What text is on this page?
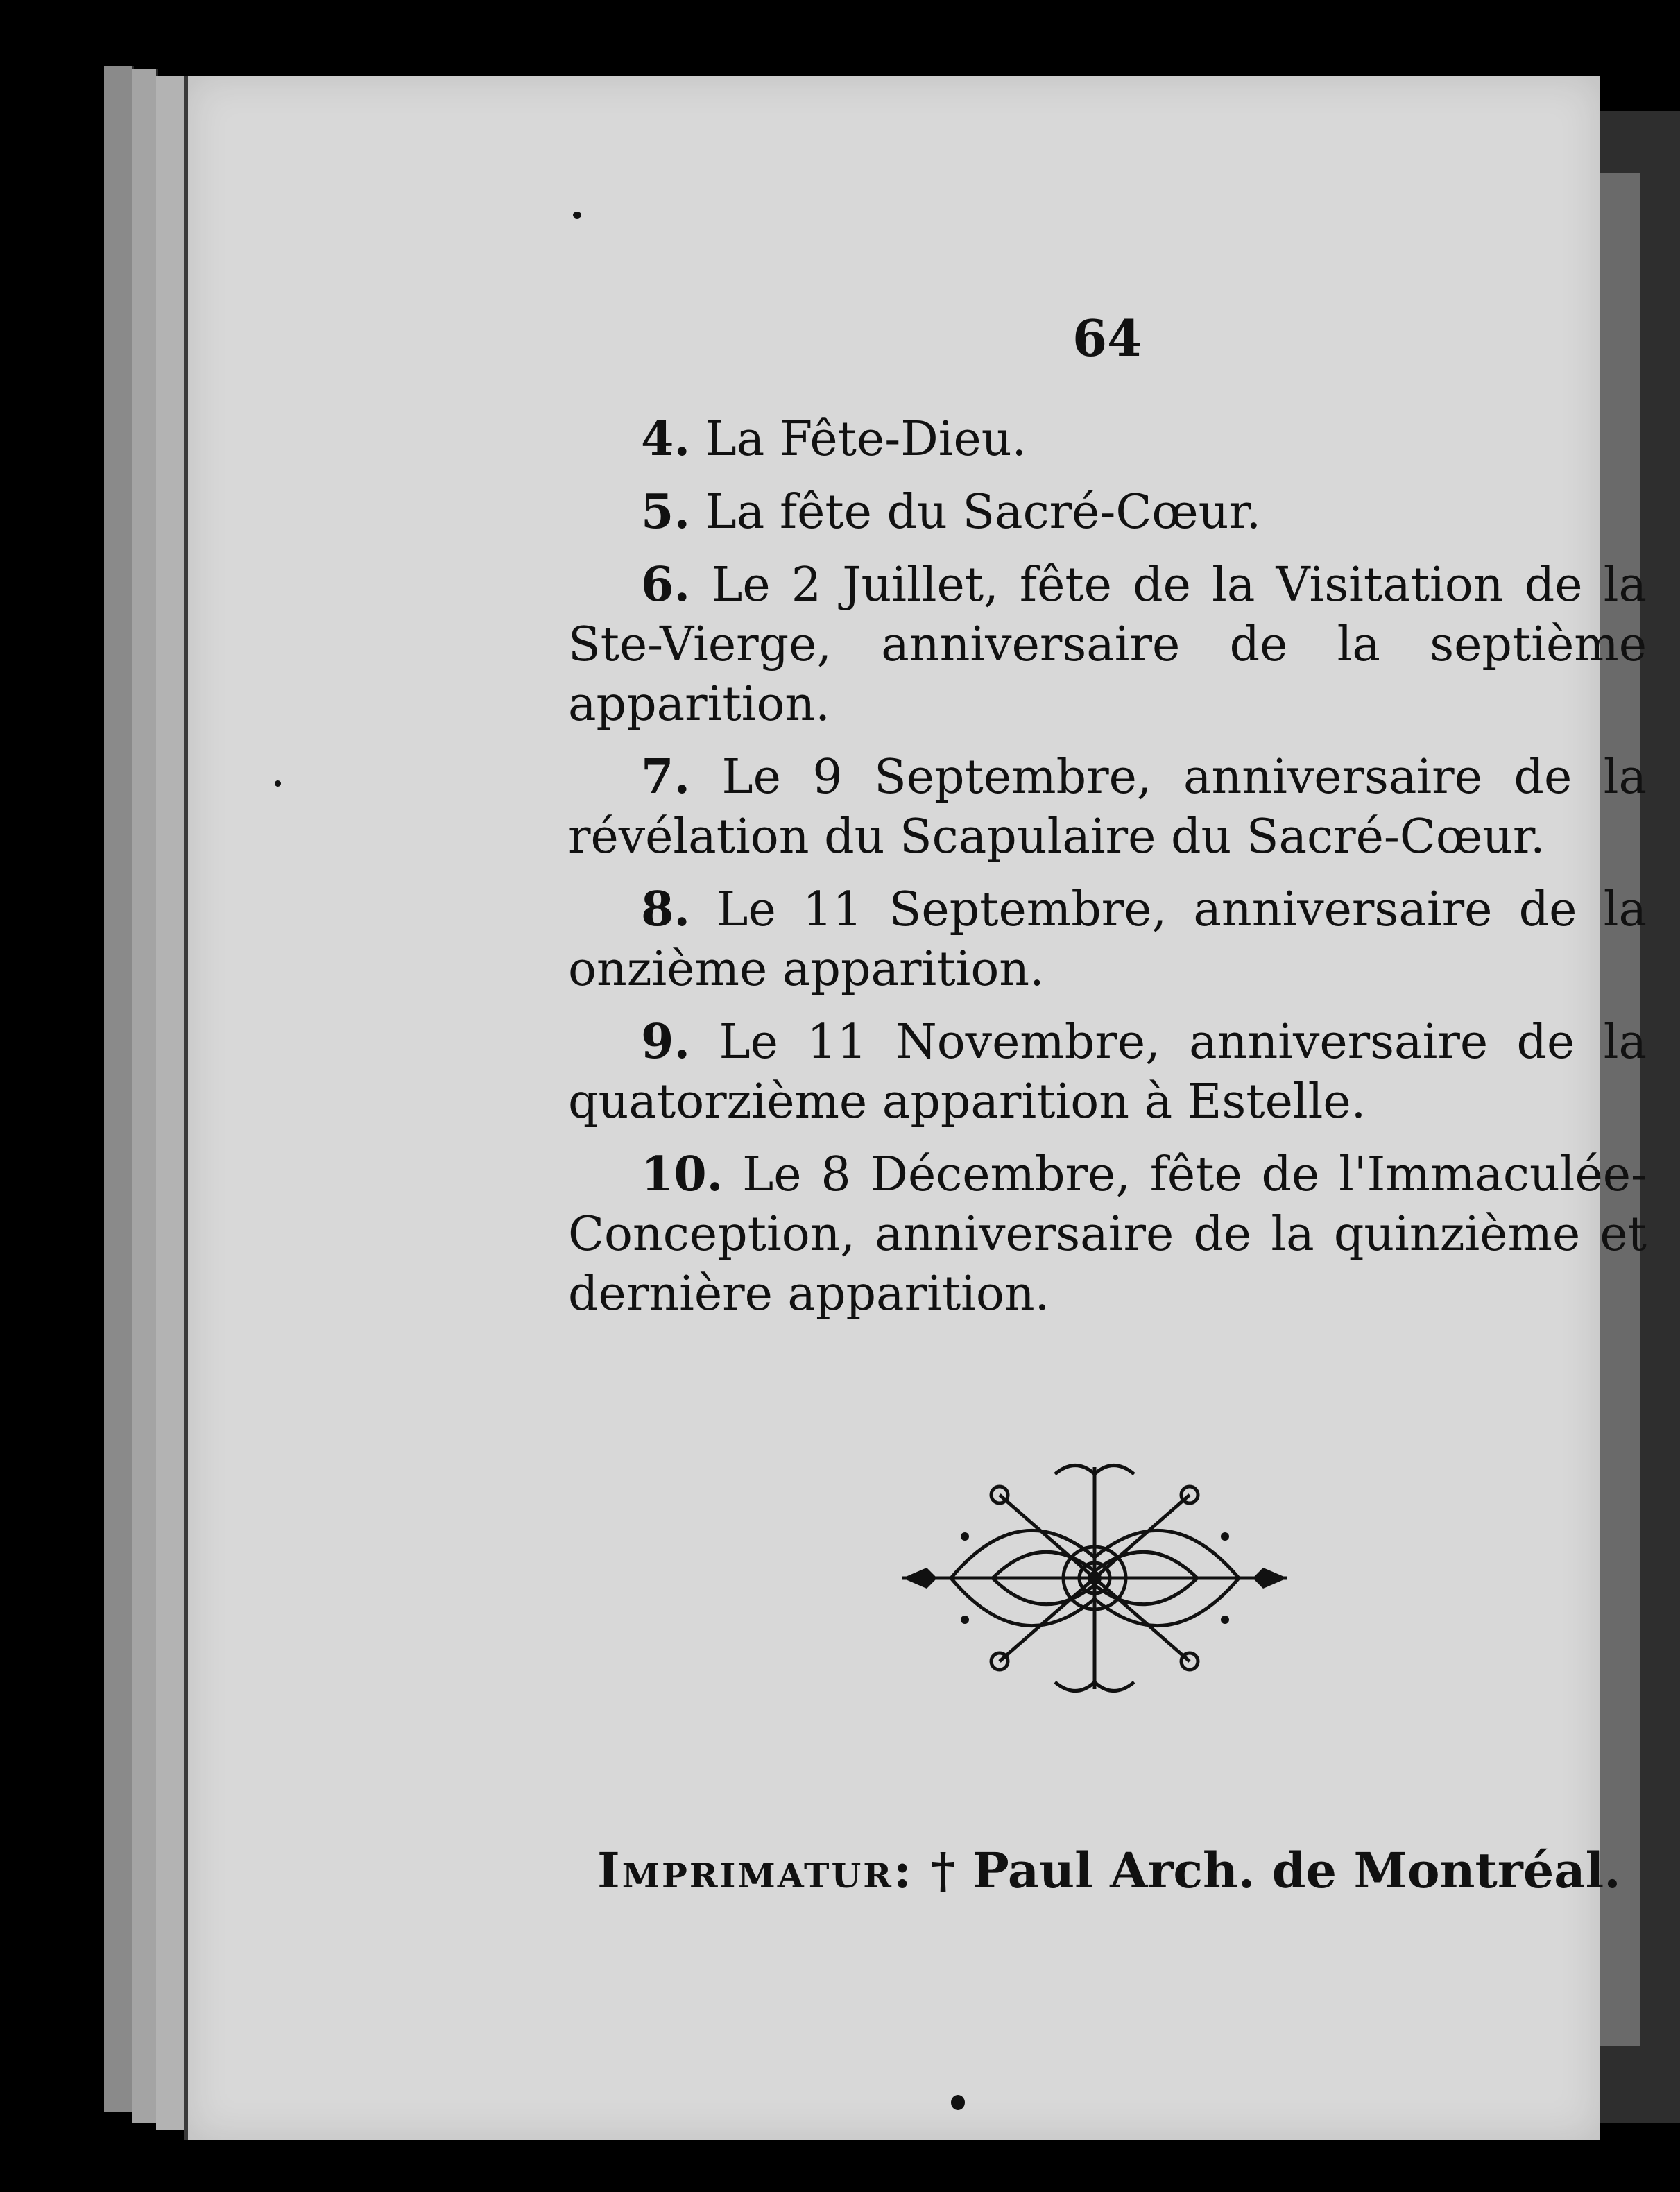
64

4. La Fête-Dieu.

5. La fête du Sacré-Cœur.

6. Le 2 Juillet, fête de la Visitation de la Ste-Vierge, anniversaire de la septième apparition.

7. Le 9 Septembre, anniversaire de la révélation du Scapulaire du Sacré-Cœur.

8. Le 11 Septembre, anniversaire de la onzième apparition.

9. Le 11 Novembre, anniversaire de la quatorzième apparition à Estelle.

10. Le 8 Décembre, fête de l'Immaculée-Conception, anniversaire de la quinzième et dernière apparition.

Imprimatur: † Paul Arch. de Montréal.
